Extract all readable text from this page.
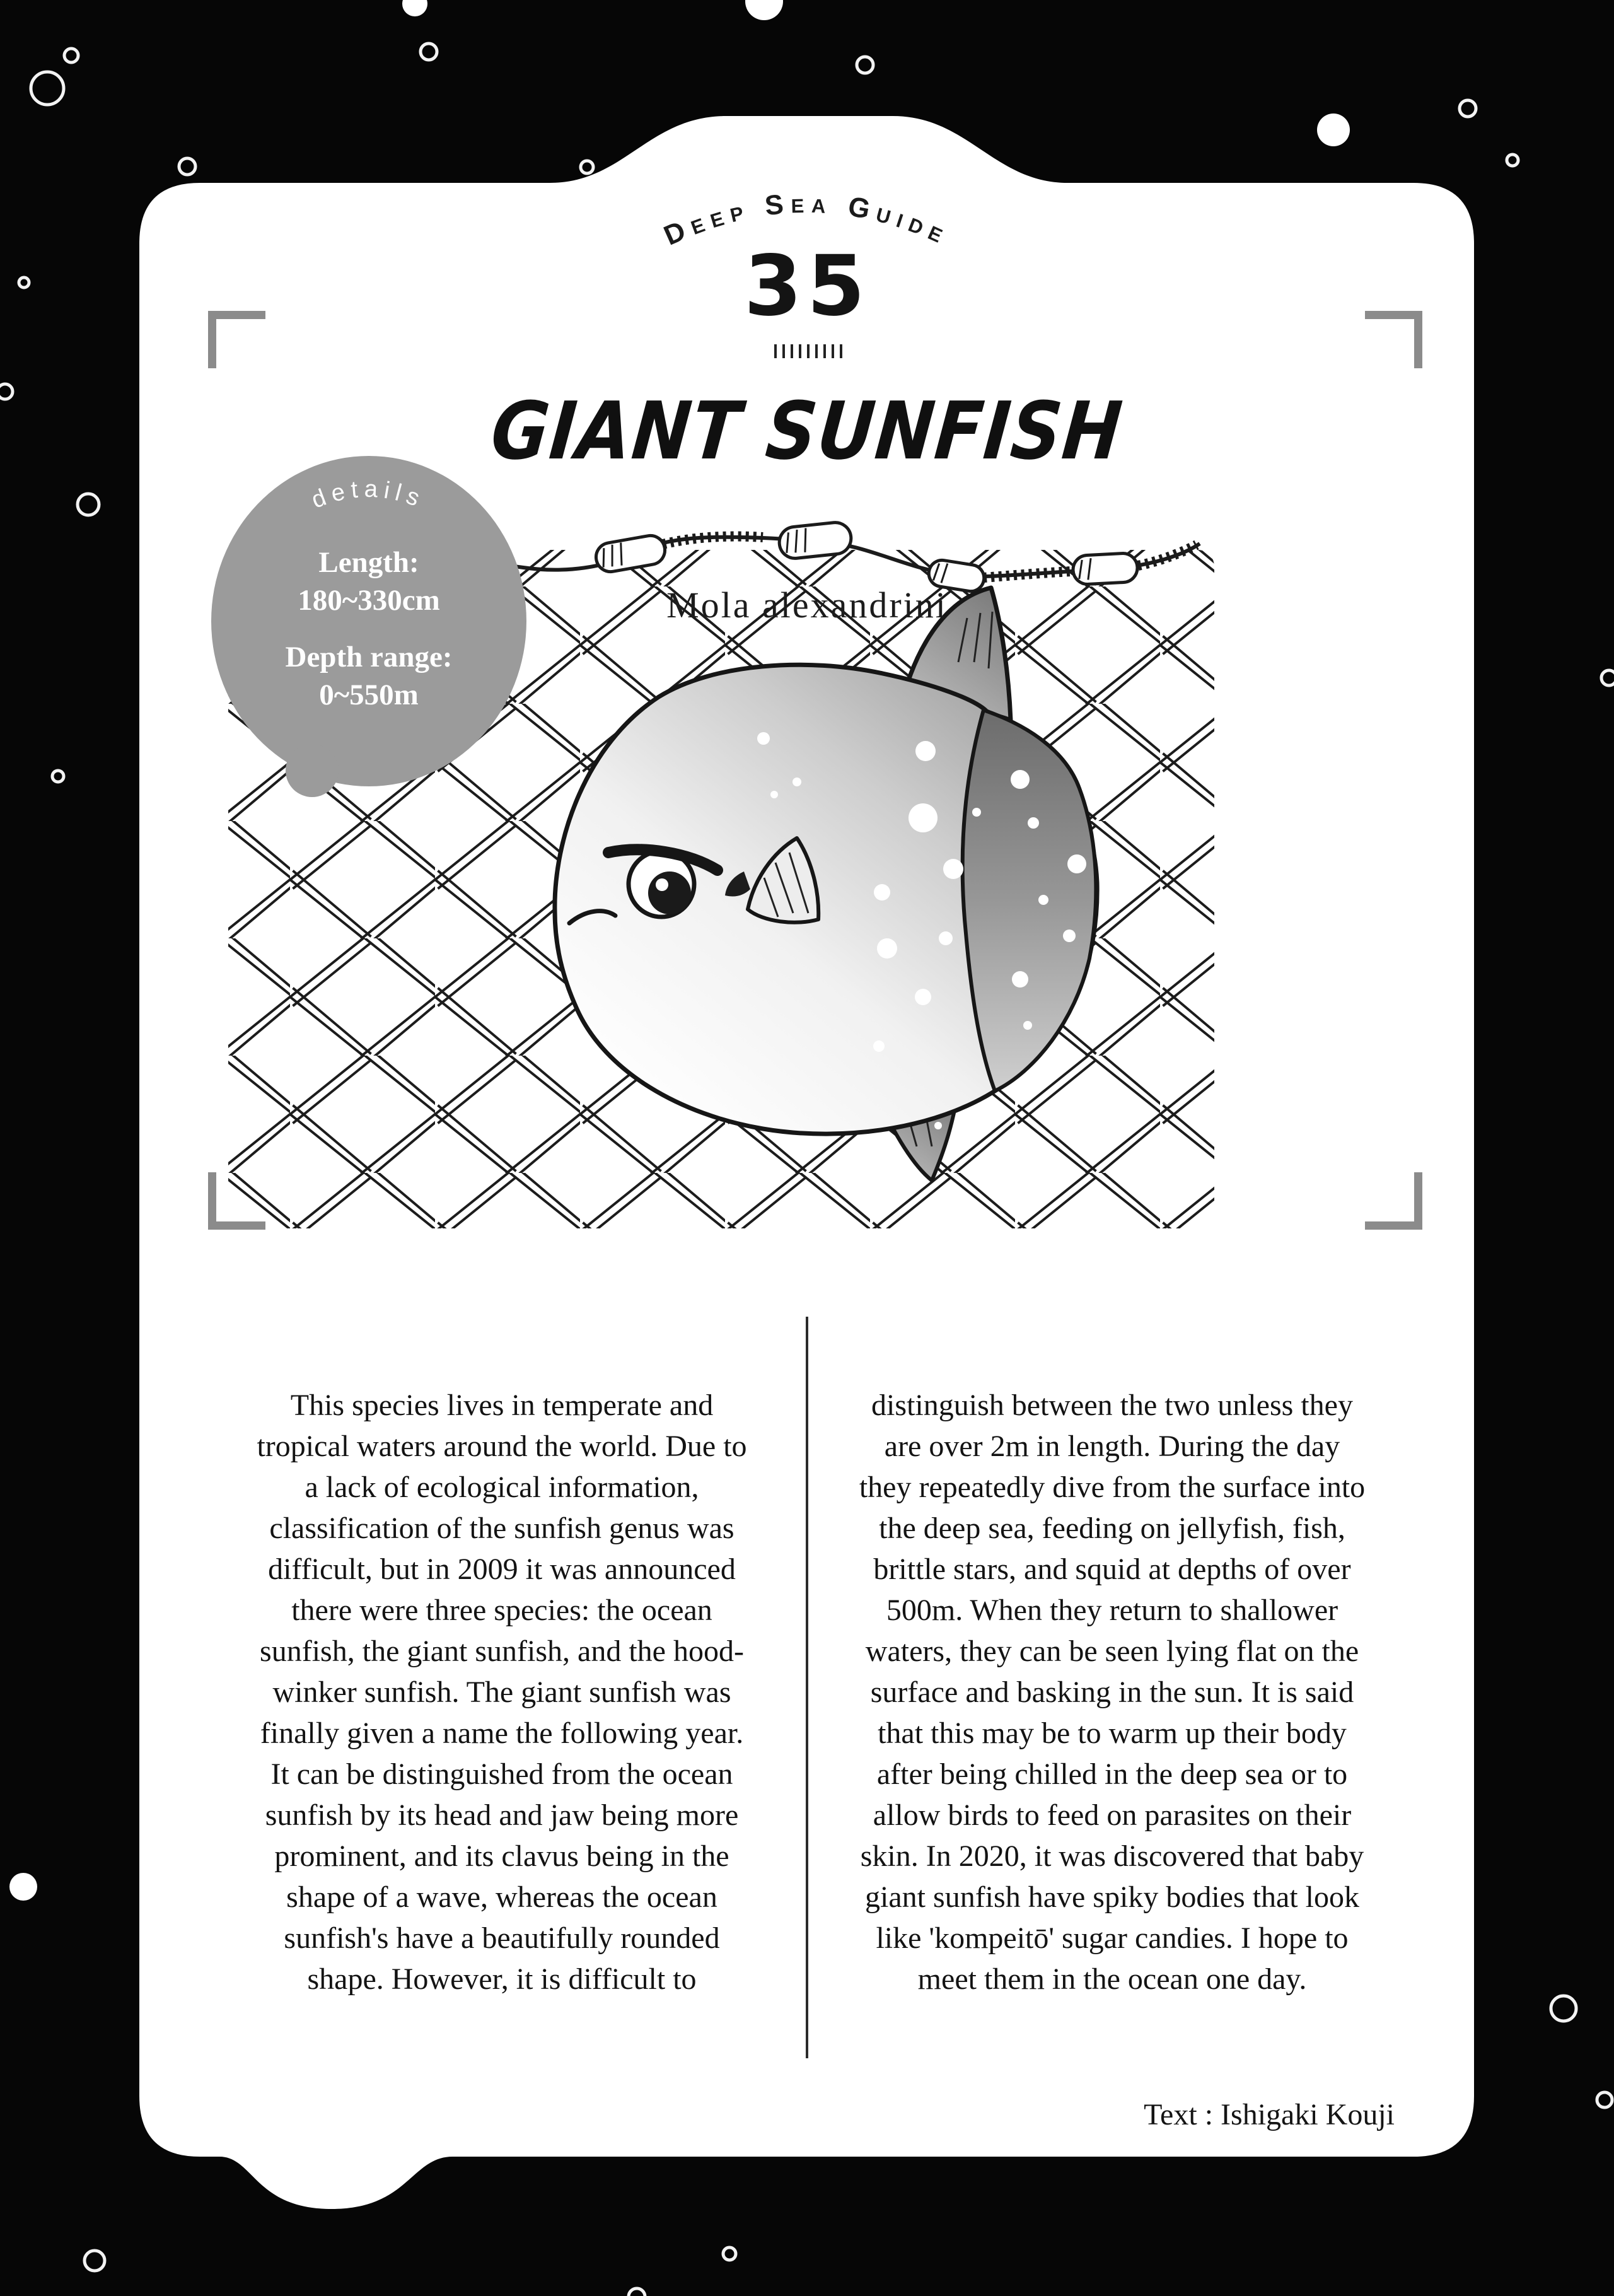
Deep Sea Guide
details
35
GIANT SUNFISH
Mola alexandrini
Length:
180~330cm
Depth range:
0~550m
This species lives in temperate and
tropical waters around the world. Due to
a lack of ecological information,
classification of the sunfish genus was
difficult, but in 2009 it was announced
there were three species: the ocean
sunfish, the giant sunfish, and the hood-
winker sunfish. The giant sunfish was
finally given a name the following year.
It can be distinguished from the ocean
sunfish by its head and jaw being more
prominent, and its clavus being in the
shape of a wave, whereas the ocean
sunfish's have a beautifully rounded
shape. However, it is difficult to
distinguish between the two unless they
are over 2m in length. During the day
they repeatedly dive from the surface into
the deep sea, feeding on jellyfish, fish,
brittle stars, and squid at depths of over
500m. When they return to shallower
waters, they can be seen lying flat on the
surface and basking in the sun. It is said
that this may be to warm up their body
after being chilled in the deep sea or to
allow birds to feed on parasites on their
skin. In 2020, it was discovered that baby
giant sunfish have spiky bodies that look
like 'kompeitō' sugar candies. I hope to
meet them in the ocean one day.
Text : Ishigaki Kouji
